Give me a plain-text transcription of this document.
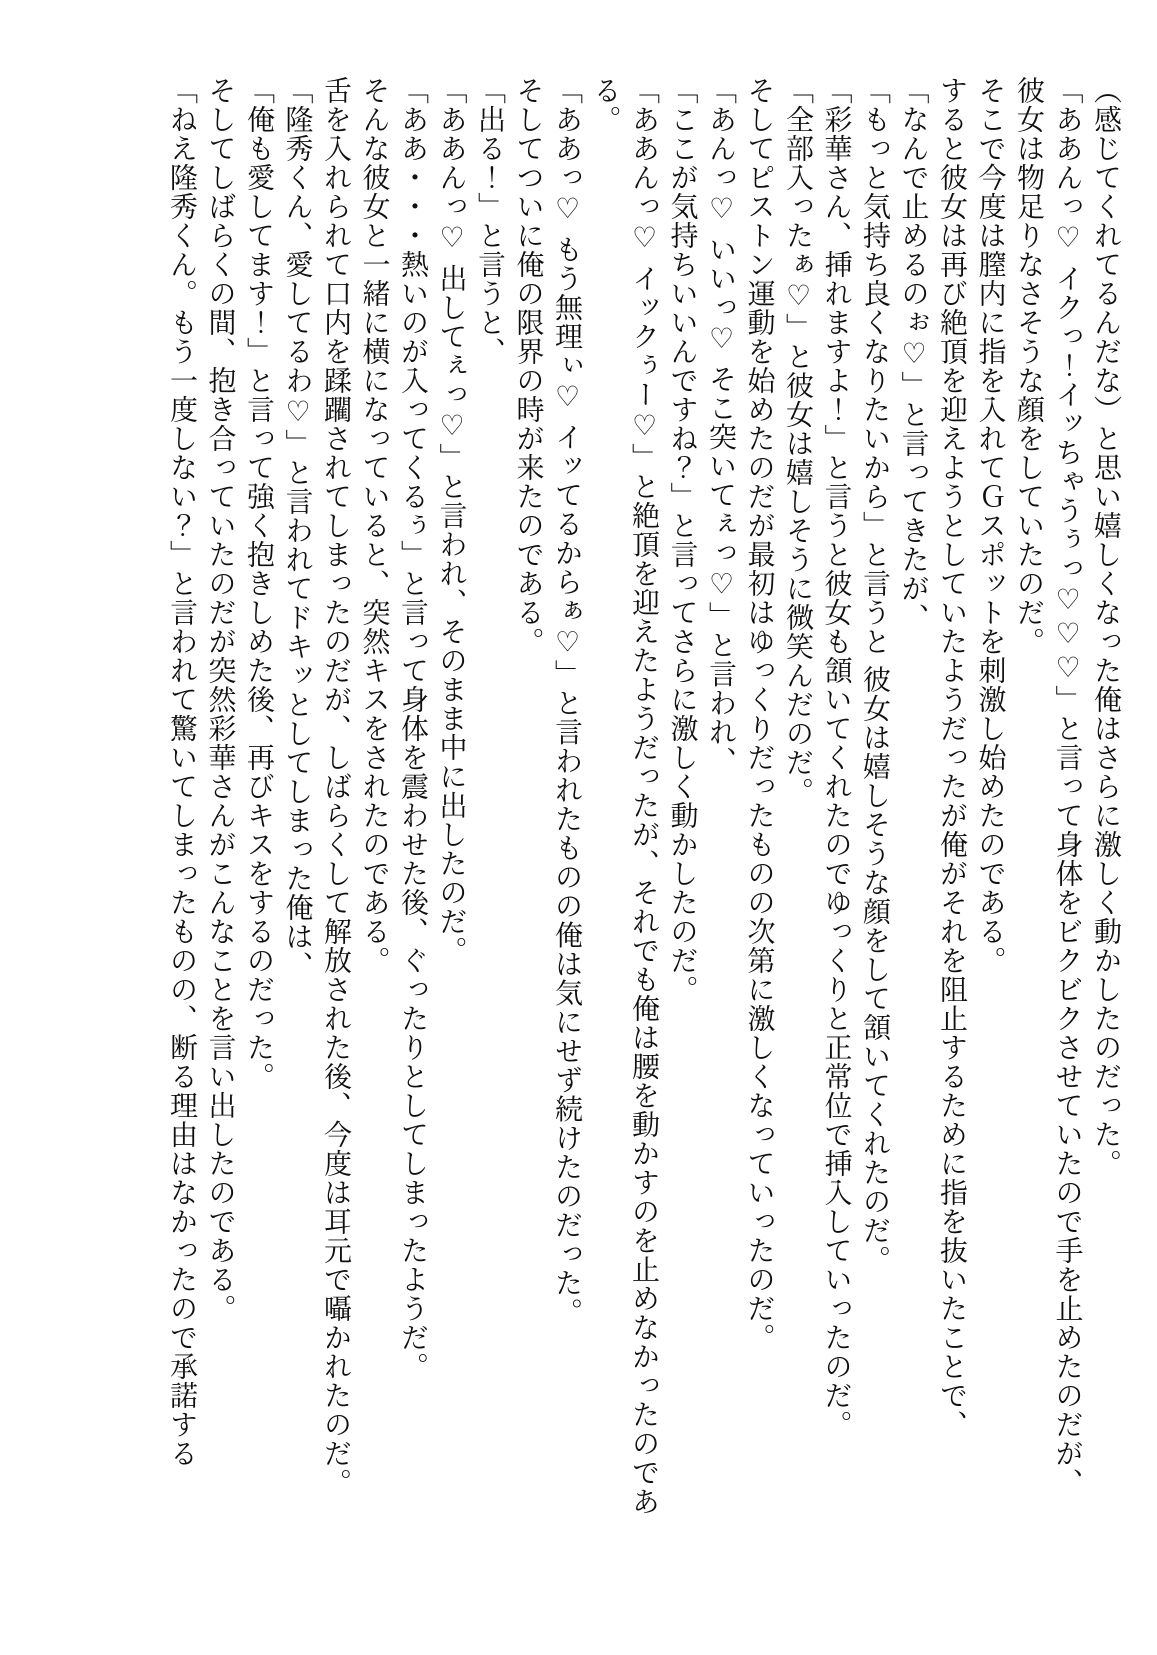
（感じてくれてるんだな）と思い嬉しくなった俺はさらに激しく動かしたのだった。

「ああんっ♡ イクっ！イッちゃうぅっ♡♡♡」と言って身体をビクビクさせていたので手を止めたのだが、彼女は物足りなさそうな顔をしていたのだ。

そこで今度は膣内に指を入れてＧスポットを刺激し始めたのである。

すると彼女は再び絶頂を迎えようとしていたようだったが俺がそれを阻止するために指を抜いたことで、

「なんで止めるのぉ♡」と言ってきたが、

「もっと気持ち良くなりたいから」と言うと 彼女は嬉しそうな顔をして頷いてくれたのだ。

「彩華さん、挿れますよ！」と言うと彼女も頷いてくれたのでゆっくりと正常位で挿入していったのだ。

「全部入ったぁ♡」と彼女は嬉しそうに微笑んだのだ。

そしてピストン運動を始めたのだが最初はゆっくりだったものの次第に激しくなっていったのだ。

「あんっ♡ いいっ♡ そこ突いてぇっ♡」と言われ、

「ここが気持ちいいんですね？」と言ってさらに激しく動かしたのだ。

「ああんっ♡ イックぅー♡」と絶頂を迎えたようだったが、それでも俺は腰を動かすのを止めなかったのである。

「ああっ♡ もう無理ぃ♡ イッてるからぁ♡」と言われたものの俺は気にせず続けたのだった。

そしてついに俺の限界の時が来たのである。

「出る！」と言うと、

「ああんっ♡ 出してぇっ♡」と言われ、そのまま中に出したのだ。

「ああ・・・熱いのが入ってくるぅ」と言って身体を震わせた後、ぐったりとしてしまったようだ。

そんな彼女と一緒に横になっていると、突然キスをされたのである。

舌を入れられて口内を蹂躙されてしまったのだが、しばらくして解放された後、今度は耳元で囁かれたのだ。

「隆秀くん、愛してるわ♡」と言われてドキッとしてしまった俺は、

「俺も愛してます！」と言って強く抱きしめた後、再びキスをするのだった。

そしてしばらくの間、抱き合っていたのだが突然彩華さんがこんなことを言い出したのである。

「ねえ隆秀くん。もう一度しない？」と言われて驚いてしまったものの、断る理由はなかったので承諾する
